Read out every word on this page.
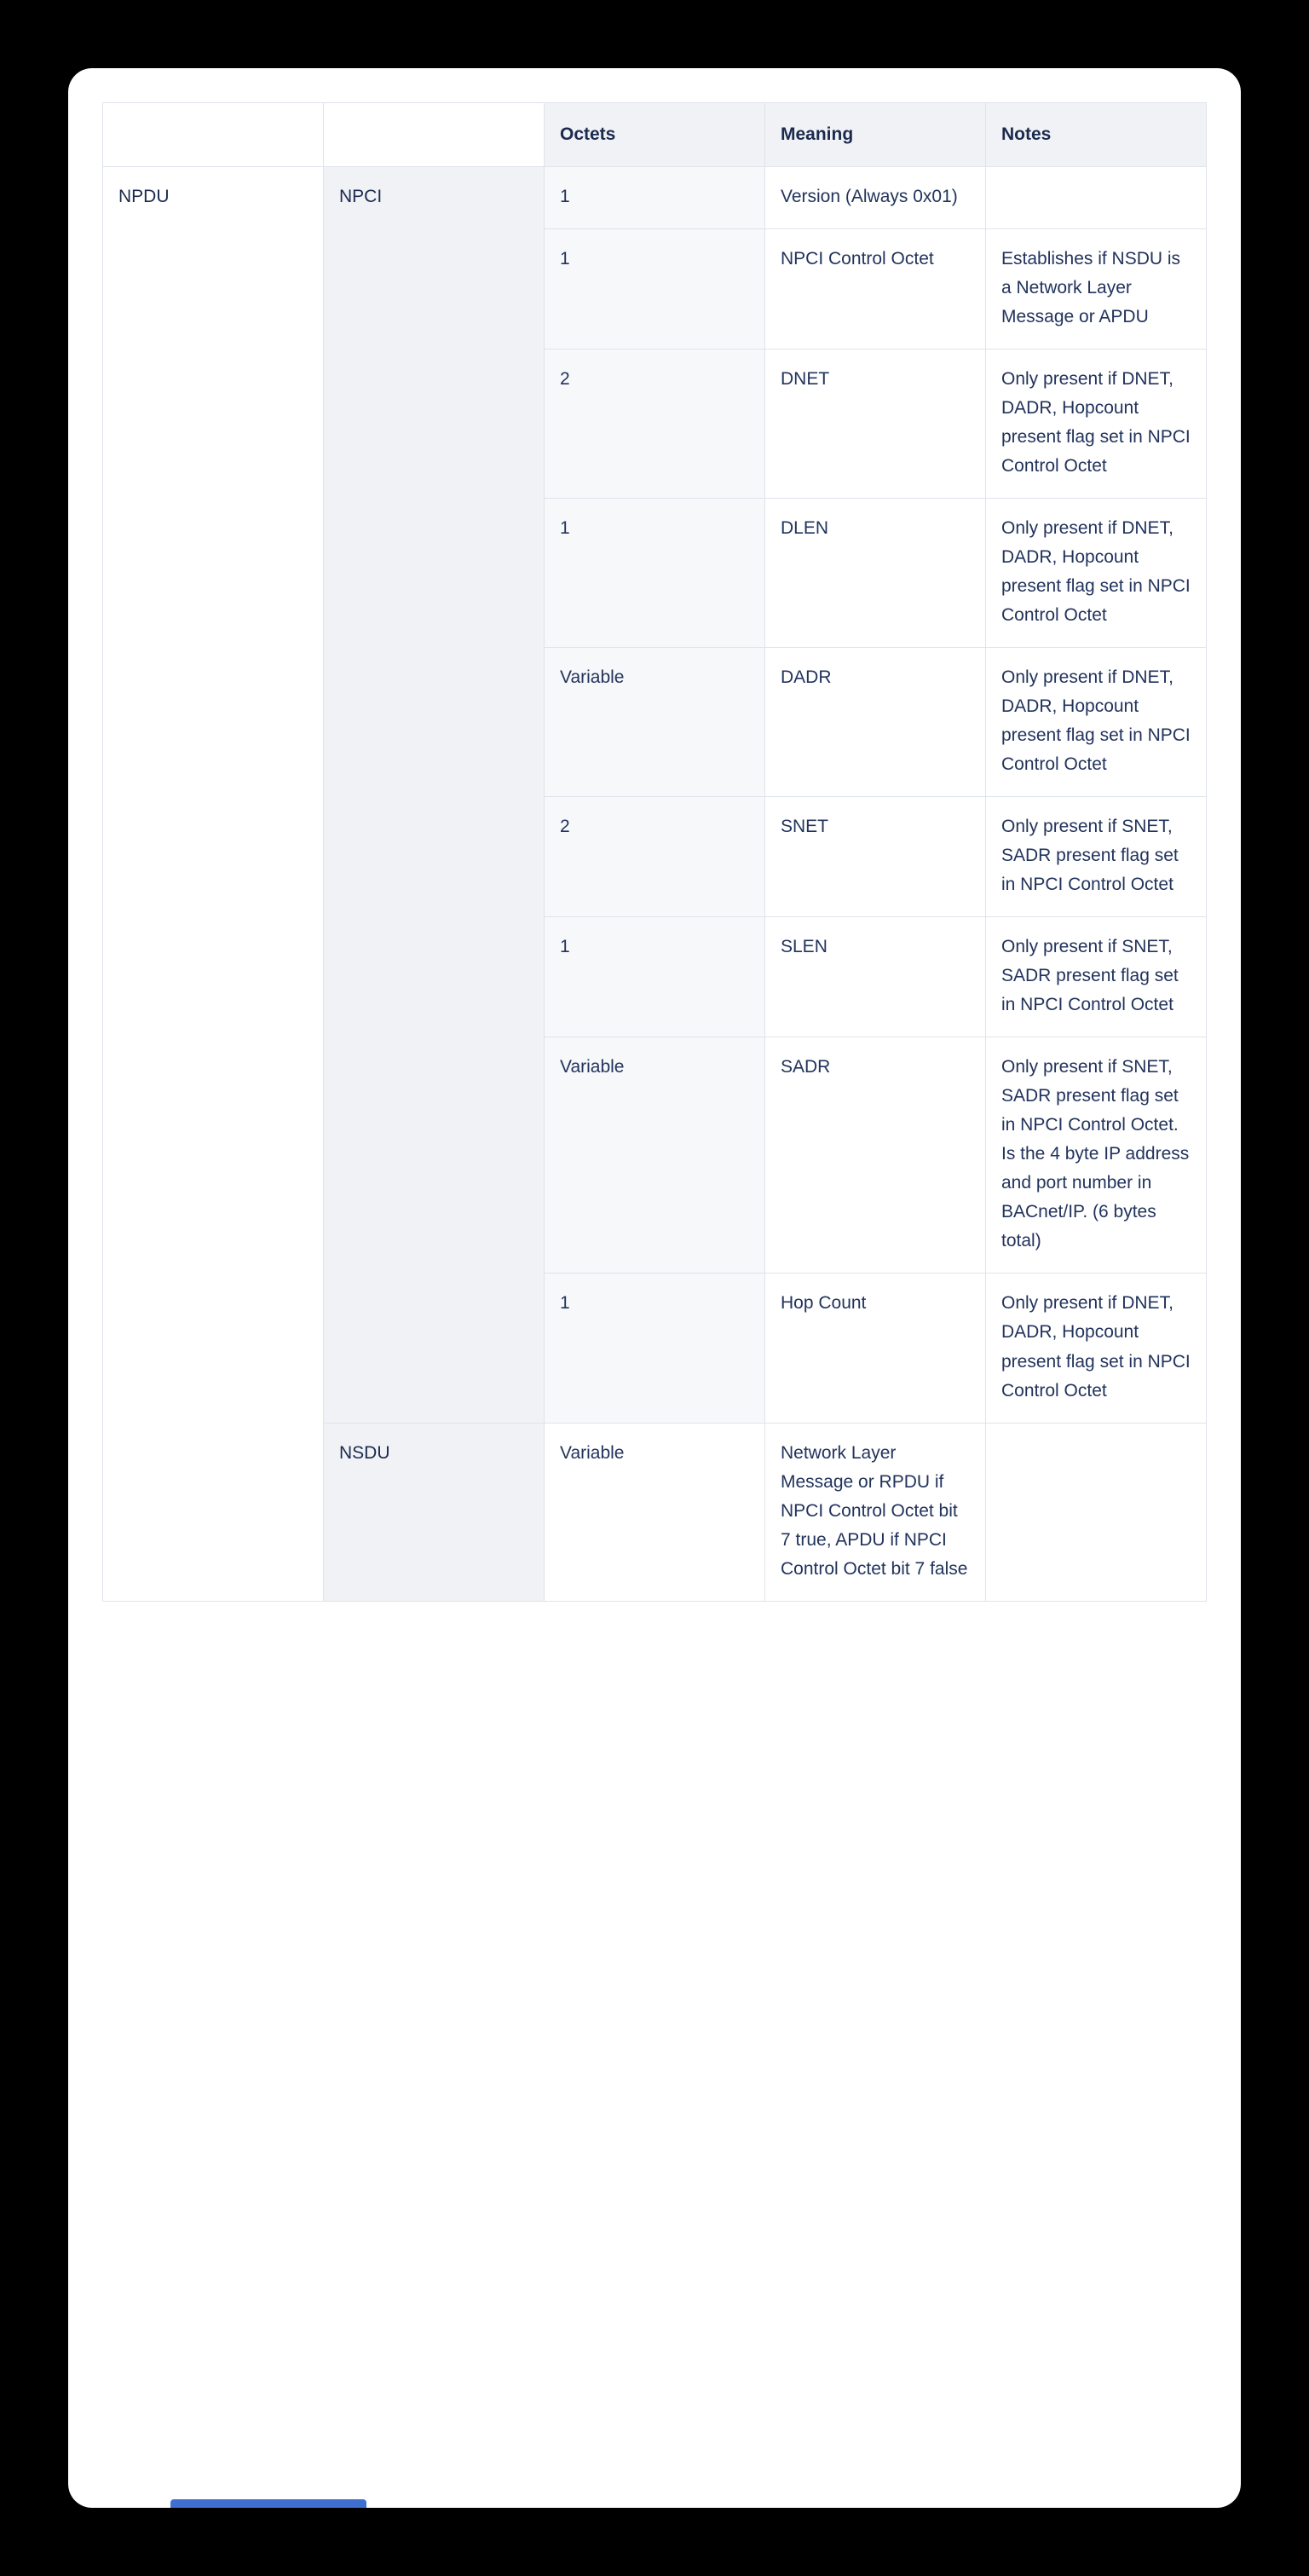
		Octets	Meaning	Notes
NPDU	NPCI	1	Version (Always 0x01)	
		1	NPCI Control Octet	Establishes if NSDU is a Network Layer Message or APDU
		2	DNET	Only present if DNET, DADR, Hopcount present flag set in NPCI Control Octet
		1	DLEN	Only present if DNET, DADR, Hopcount present flag set in NPCI Control Octet
		Variable	DADR	Only present if DNET, DADR, Hopcount present flag set in NPCI Control Octet
		2	SNET	Only present if SNET, SADR present flag set in NPCI Control Octet
		1	SLEN	Only present if SNET, SADR present flag set in NPCI Control Octet
		Variable	SADR	Only present if SNET, SADR present flag set in NPCI Control Octet. Is the 4 byte IP address and port number in BACnet/IP. (6 bytes total)
		1	Hop Count	Only present if DNET, DADR, Hopcount present flag set in NPCI Control Octet
	NSDU	Variable	Network Layer Message or RPDU if NPCI Control Octet bit 7 true, APDU if NPCI Control Octet bit 7 false	
